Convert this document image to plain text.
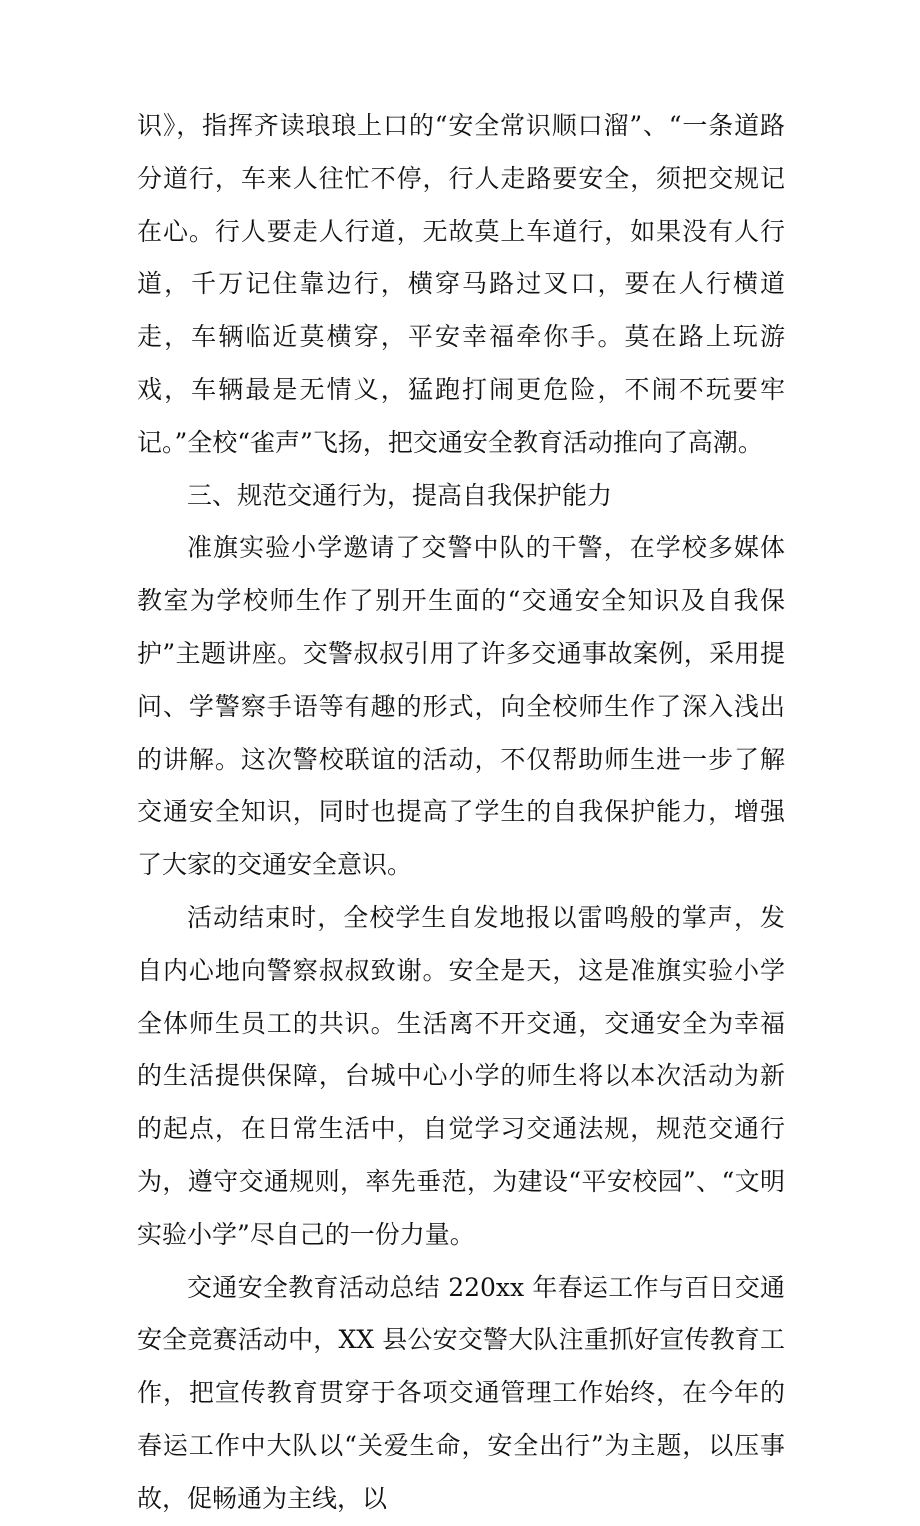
识》，指挥齐读琅琅上口的“安全常识顺口溜”、“一条道路分道行，车来人往忙不停，行人走路要安全，须把交规记在心。行人要走人行道，无故莫上车道行，如果没有人行道，千万记住靠边行，横穿马路过叉口，要在人行横道走，车辆临近莫横穿，平安幸福牵你手。莫在路上玩游戏，车辆最是无情义，猛跑打闹更危险，不闹不玩要牢记。”全校“雀声”飞扬，把交通安全教育活动推向了高潮。

三、规范交通行为，提高自我保护能力

准旗实验小学邀请了交警中队的干警，在学校多媒体教室为学校师生作了别开生面的“交通安全知识及自我保护”主题讲座。交警叔叔引用了许多交通事故案例，采用提问、学警察手语等有趣的形式，向全校师生作了深入浅出的讲解。这次警校联谊的活动，不仅帮助师生进一步了解交通安全知识，同时也提高了学生的自我保护能力，增强了大家的交通安全意识。

活动结束时，全校学生自发地报以雷鸣般的掌声，发自内心地向警察叔叔致谢。安全是天，这是准旗实验小学全体师生员工的共识。生活离不开交通，交通安全为幸福的生活提供保障，台城中心小学的师生将以本次活动为新的起点，在日常生活中，自觉学习交通法规，规范交通行为，遵守交通规则，率先垂范，为建设“平安校园”、“文明实验小学”尽自己的一份力量。

交通安全教育活动总结 220xx 年春运工作与百日交通安全竞赛活动中，XX 县公安交警大队注重抓好宣传教育工作，把宣传教育贯穿于各项交通管理工作始终，在今年的春运工作中大队以“关爱生命，安全出行”为主题，以压事故，促畅通为主线，以
